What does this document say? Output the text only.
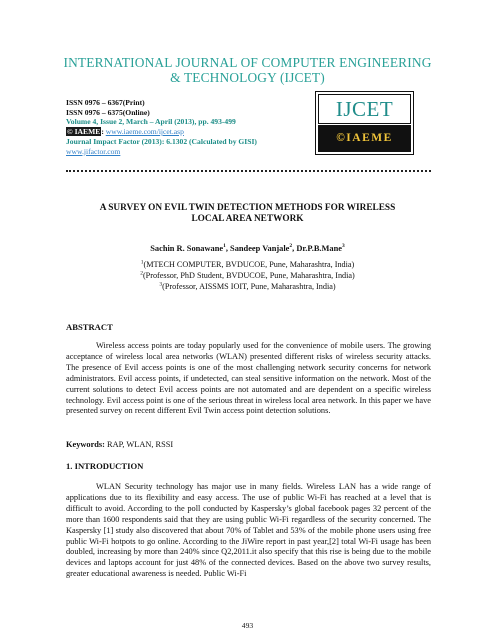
INTERNATIONAL JOURNAL OF COMPUTER ENGINEERING
& TECHNOLOGY (IJCET)
ISSN 0976 – 6367(Print)
ISSN 0976 – 6375(Online)
Volume 4, Issue 2, March – April (2013), pp. 493-499
© IAEME: www.iaeme.com/ijcet.asp
Journal Impact Factor (2013): 6.1302 (Calculated by GISI)
www.jifactor.com
IJCET
©IAEME
A SURVEY ON EVIL TWIN DETECTION METHODS FOR WIRELESS
LOCAL AREA NETWORK
Sachin R. Sonawane$^1$, Sandeep Vanjale$^2$, Dr.P.B.Mane$^3$
$^1$(MTECH COMPUTER, BVDUCOE, Pune, Maharashtra, India)
$^2$(Professor, PhD Student, BVDUCOE, Pune, Maharashtra, India)
$^3$(Professor, AISSMS IOIT, Pune, Maharashtra, India)
ABSTRACT
Wireless access points are today popularly used for the convenience of mobile users. The growing acceptance of wireless local area networks (WLAN) presented different risks of wireless security attacks. The presence of Evil access points is one of the most challenging network security concerns for network administrators. Evil access points, if undetected, can steal sensitive information on the network. Most of the current solutions to detect Evil access points are not automated and are dependent on a specific wireless technology. Evil access point is one of the serious threat in wireless local area network. In this paper we have presented survey on recent different Evil Twin access point detection solutions.
Keywords: RAP, WLAN, RSSI
1. INTRODUCTION
WLAN Security technology has major use in many fields. Wireless LAN has a wide range of applications due to its flexibility and easy access. The use of public Wi-Fi has reached at a level that is difficult to avoid. According to the poll conducted by Kaspersky’s global facebook pages 32 percent of the more than 1600 respondents said that they are using public Wi-Fi regardless of the security concerned. The Kaspersky [1] study also discovered that about 70% of Tablet and 53% of the mobile phone users using free public Wi-Fi hotpots to go online. According to the JiWire report in past year,[2] total Wi-Fi usage has been doubled, increasing by more than 240% since Q2,2011.it also specify that this rise is being due to the mobile devices and laptops account for just 48% of the connected devices. Based on the above two survey results, greater educational awareness is needed. Public Wi-Fi
493
